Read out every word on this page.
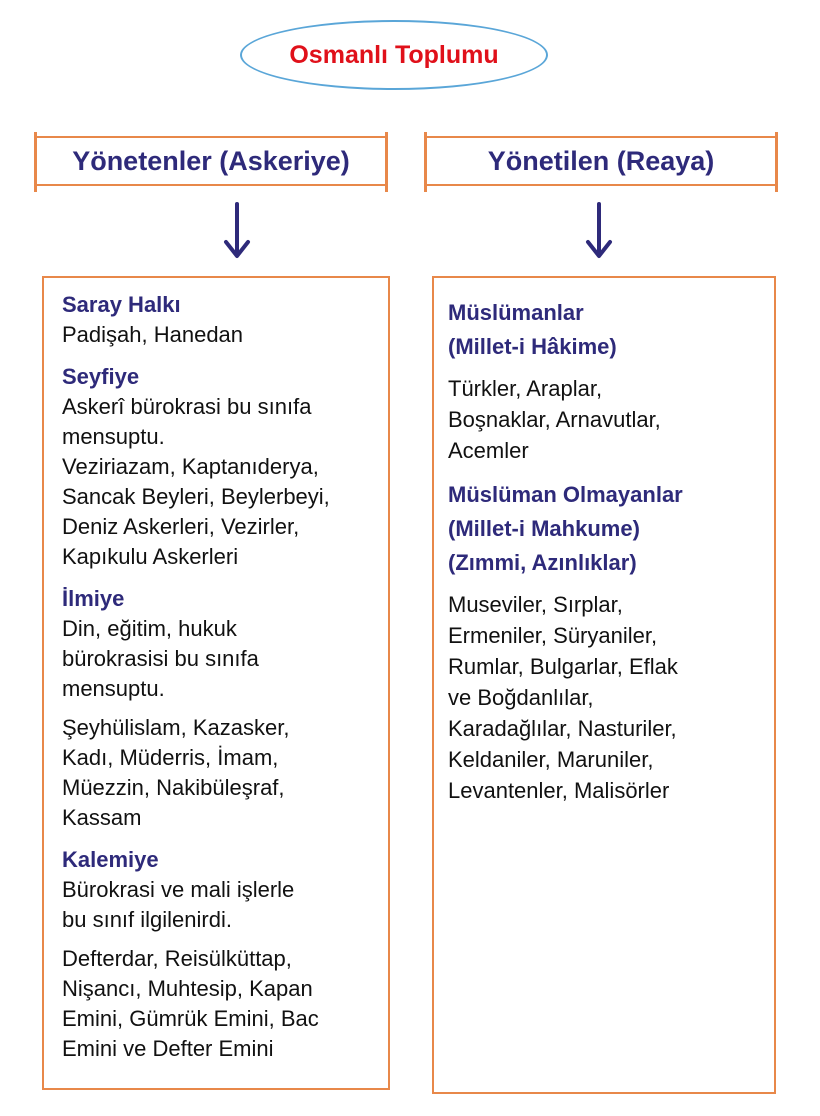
Osmanlı Toplumu
Yönetenler (Askeriye)	Yönetilen (Reaya)
Saray Halkı
Padişah, Hanedan
Seyfiye
Askerî bürokrasi bu sınıfa
mensuptu.
Veziriazam, Kaptanıderya,
Sancak Beyleri, Beylerbeyi,
Deniz Askerleri, Vezirler,
Kapıkulu Askerleri
İlmiye
Din, eğitim, hukuk
bürokrasisi bu sınıfa
mensuptu.
Şeyhülislam, Kazasker,
Kadı, Müderris, İmam,
Müezzin, Nakibüleşraf,
Kassam
Kalemiye
Bürokrasi ve mali işlerle
bu sınıf ilgilenirdi.
Defterdar, Reisülküttap,
Nişancı, Muhtesip, Kapan
Emini, Gümrük Emini, Bac
Emini ve Defter Emini
Müslümanlar
(Millet-i Hâkime)
Türkler, Araplar,
Boşnaklar, Arnavutlar,
Acemler
Müslüman Olmayanlar
(Millet-i Mahkume)
(Zımmi, Azınlıklar)
Museviler, Sırplar,
Ermeniler, Süryaniler,
Rumlar, Bulgarlar, Eflak
ve Boğdanlılar,
Karadağlılar, Nasturiler,
Keldaniler, Maruniler,
Levantenler, Malisörler
